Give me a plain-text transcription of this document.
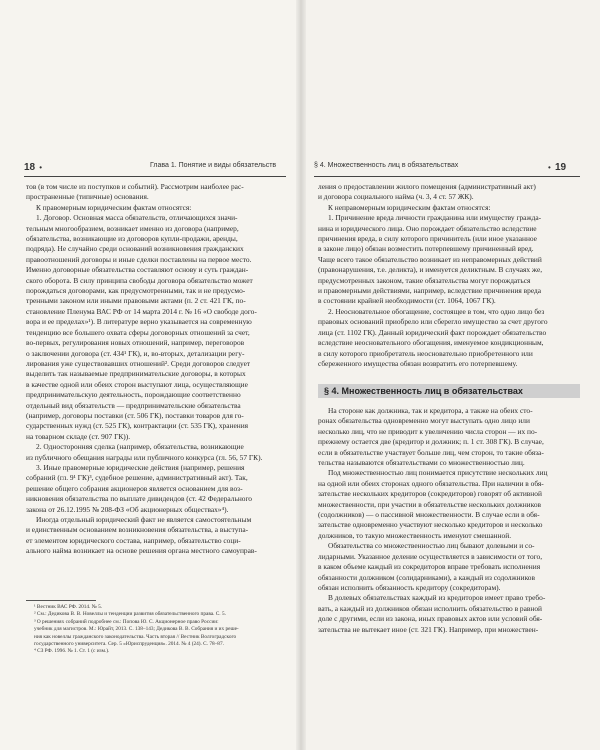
18  •	Глава 1. Понятие и виды обязательств

тов (в том числе из поступков и событий). Рассмотрим наиболее рас-

пространенные (типичные) основания.

К правомерным юридическим фактам относятся:

1. Договор. Основная масса обязательств, отличающихся значи-

тельным многообразием, возникает именно из договора (например,

обязательства, возникающие из договоров купли-продажи, аренды,

подряда). Не случайно среди оснований возникновения гражданских

правоотношений договоры и иные сделки поставлены на первое место.

Именно договорные обязательства составляют основу и суть граждан-

ского оборота. В силу принципа свободы договора обязательство может

порождаться договорами, как предусмотренными, так и не предусмо-

тренными законом или иными правовыми актами (п. 2 ст. 421 ГК, по-

становление Пленума ВАС РФ от 14 марта 2014 г. № 16 «О свободе дого-

вора и ее пределах»¹). В литературе верно указывается на современную

тенденцию все большего охвата сферы договорных отношений за счет,

во-первых, регулирования новых отношений, например, переговоров

о заключении договора (ст. 434¹ ГК), и, во-вторых, детализации регу-

лирования уже существовавших отношений². Среди договоров следует

выделить так называемые предпринимательские договоры, в которых

в качестве одной или обеих сторон выступают лица, осуществляющие

предпринимательскую деятельность, порождающие соответственно

отдельный вид обязательств — предпринимательские обязательства

(например, договоры поставки (ст. 506 ГК), поставки товаров для го-

сударственных нужд (ст. 525 ГК), контрактации (ст. 535 ГК), хранения

на товарном складе (ст. 907 ГК)).

2. Односторонняя сделка (например, обязательства, возникающие

из публичного обещания награды или публичного конкурса (гл. 56, 57 ГК).

3. Иные правомерные юридические действия (например, решения

собраний (гл. 9¹ ГК)³, судебное решение, административный акт). Так,

решение общего собрания акционеров является основанием для воз-

никновения обязательства по выплате дивидендов (ст. 42 Федерального

закона от 26.12.1995 № 208-ФЗ «Об акционерных обществах»⁴).

Иногда отдельный юридический факт не является самостоятельным

и единственным основанием возникновения обязательства, а выступа-

ет элементом юридического состава, например, обязательство соци-

ального найма возникает на основе решения органа местного самоуправ-

¹ Вестник ВАС РФ. 2014. № 5.

² См.: Дедикова В. В. Новеллы и тенденции развития обязательственного права. С. 5.

³ О решениях собраний подробнее см.: Попова Ю. С. Акционерное право России:

учебник для магистров. М.: Юрайт, 2013. С. 138–143; Дедикова В. В. Собрания и их реше-

ния как новеллы гражданского законодательства. Часть вторая // Вестник Волгоградского

государственного университета. Сер. 5 «Юриспруденция». 2014. № 4 (24). С. 78–87.

⁴ СЗ РФ. 1996. № 1. Ст. 1 (с изм.).

§ 4. Множественность лиц в обязательствах	•  19

ления о предоставлении жилого помещения (административный акт)

и договора социального найма (ч. 3, 4 ст. 57 ЖК).

К неправомерным юридическим фактам относятся:

1. Причинение вреда личности гражданина или имуществу гражда-

нина и юридического лица. Оно порождает обязательство вследствие

причинения вреда, в силу которого причинитель (или иное указанное

в законе лицо) обязан возместить потерпевшему причиненный вред.

Чаще всего такое обязательство возникает из неправомерных действий

(правонарушения, т.е. деликта), и именуется деликтным. В случаях же,

предусмотренных законом, такие обязательства могут порождаться

и правомерными действиями, например, вследствие причинения вреда

в состоянии крайней необходимости (ст. 1064, 1067 ГК).

2. Неосновательное обогащение, состоящее в том, что одно лицо без

правовых оснований приобрело или сберегло имущество за счет другого

лица (ст. 1102 ГК). Данный юридический факт порождает обязательство

вследствие неосновательного обогащения, именуемое кондикционным,

в силу которого приобретатель неосновательно приобретенного или

сбереженного имущества обязан возвратить его потерпевшему.

§ 4. Множественность лиц в обязательствах

На стороне как должника, так и кредитора, а также на обеих сто-

ронах обязательства одновременно могут выступать одно лицо или

несколько лиц, что не приводит к увеличению числа сторон — их по-

прежнему остается две (кредитор и должник; п. 1 ст. 308 ГК). В случае,

если в обязательстве участвует больше лиц, чем сторон, то такие обяза-

тельства называются обязательствами со множественностью лиц.

Под множественностью лиц понимается присутствие нескольких лиц

на одной или обеих сторонах одного обязательства. При наличии в обя-

зательстве нескольких кредиторов (сокредиторов) говорят об активной

множественности, при участии в обязательстве нескольких должников

(содолжников) — о пассивной множественности. В случае если в обя-

зательстве одновременно участвуют несколько кредиторов и несколько

должников, то такую множественность именуют смешанной.

Обязательства со множественностью лиц бывают долевыми и со-

лидарными. Указанное деление осуществляется в зависимости от того,

в каком объеме каждый из сокредиторов вправе требовать исполнения

обязанности должником (солидарниками), а каждый из содолжников

обязан исполнить обязанность кредитору (сокредиторам).

В долевых обязательствах каждый из кредиторов имеет право требо-

вать, а каждый из должников обязан исполнить обязательство в равной

доле с другими, если из закона, иных правовых актов или условий обя-

зательства не вытекает иное (ст. 321 ГК). Например, при множествен-
